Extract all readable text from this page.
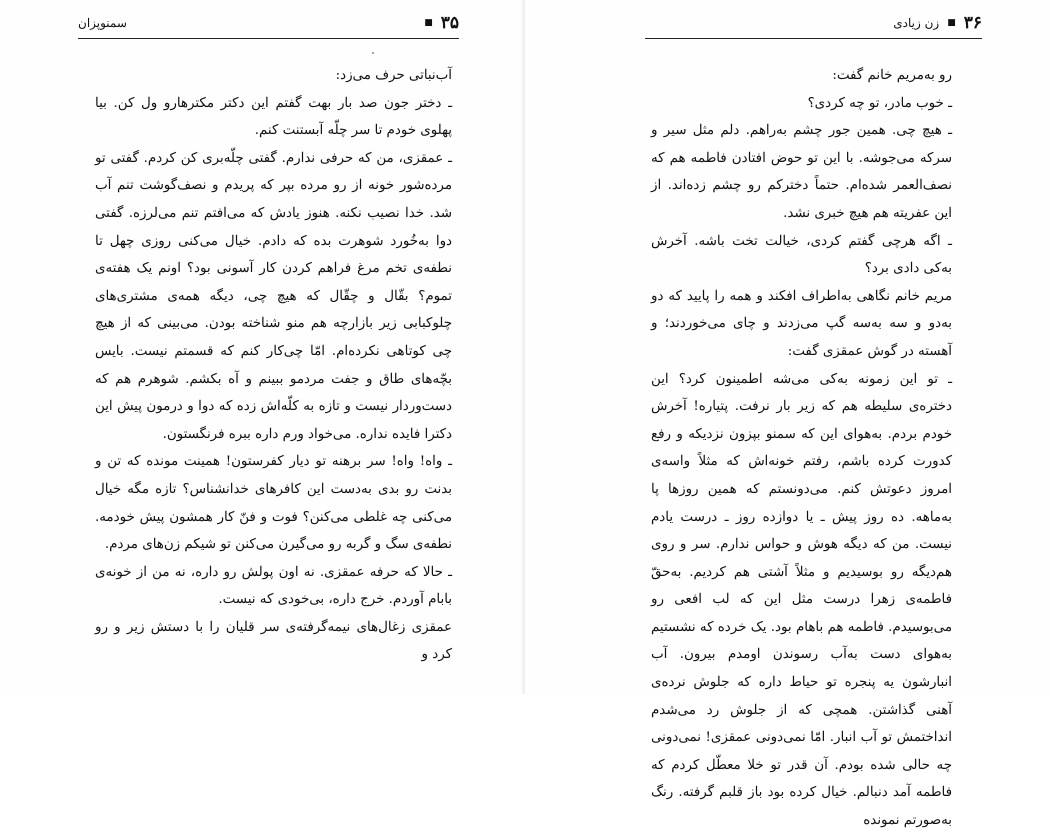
۳۵
■
سمنوپزان

آب‌نباتی حرف می‌زد:

ـ دختر جون صد بار بهت گفتم این دکتر مکترهارو ول کن. بیا پهلوی خودم تا سر چلّه آبستنت کنم.

ـ عمقزی، من که حرفی ندارم. گفتی چلّه‌بری کن کردم. گفتی تو مرده‌شور خونه از رو مرده بپر که پریدم و نصف‌گوشت تنم آب شد. خدا نصیب نکنه. هنوز یادش که می‌افتم تنم می‌لرزه. گفتی دوا به‌خُورد شوهرت بده که دادم. خیال می‌کنی روزی چهل تا نطفه‌ی تخم مرغ فراهم کردن کار آسونی بود؟ اونم یک هفته‌ی تموم؟ بقّال و چقّال که هیچ چی، دیگه همه‌ی مشتری‌های چلوکبابی زیر بازارچه هم منو شناخته بودن. می‌بینی که از هیچ چی کوتاهی نکرده‌ام. امّا چی‌کار کنم که قسمتم نیست. بایس بچّه‌های طاق و جفت مردمو ببینم و آه بکشم. شوهرم هم که دست‌وردار نیست و تازه به کلّه‌اش زده که دوا و درمون پیش این دکترا فایده نداره. می‌خواد ورم داره ببره فرنگستون.

ـ واه! واه! سر برهنه تو دیار کفرستون! همینت مونده که تن و بدنت رو بدی به‌دست این کافرهای خدانشناس؟ تازه مگه خیال می‌کنی چه غلطی می‌کنن؟ فوت و فنّ کار همشون پیش خودمه. نطفه‌ی سگ و گربه رو می‌گیرن می‌کنن تو شیکم زن‌های مردم.

ـ حالا که حرفه عمقزی. نه اون پولش رو داره، نه من از خونه‌ی بابام آوردم. خرج داره، بی‌خودی که نیست.

عمقزی زغال‌های نیمه‌گرفته‌ی سر قلیان را با دستش زیر و رو کرد و

۳۶
■
زن زیادی

رو به‌مریم خانم گفت:

ـ خوب مادر، تو چه کردی؟

ـ هیچ چی. همین جور چشم به‌راهم. دلم مثل سیر و سرکه می‌جوشه. با این تو حوض افتادن فاطمه هم که نصف‌العمر شده‌ام. حتماً دخترکم رو چشم زده‌اند. از این عفریته هم هیچ خبری نشد.

ـ اگه هرچی گفتم کردی، خیالت تخت باشه. آخرش به‌کی دادی برد؟

مریم خانم نگاهی به‌اطراف افکند و همه را پایید که دو به‌دو و سه به‌سه گپ می‌زدند و چای می‌خوردند؛ و آهسته در گوش عمقزی گفت:

ـ تو این زمونه به‌کی می‌شه اطمینون کرد؟ این دختره‌ی سلیطه هم که زیر بار نرفت. پتیاره! آخرش خودم بردم. به‌هوای این که سمنو بپزون نزدیکه و رفع کدورت کرده باشم، رفتم خونه‌اش که مثلاً واسه‌ی امروز دعوتش کنم. می‌دونستم که همین روزها پا به‌ماهه. ده روز پیش ـ یا دوازده روز ـ درست یادم نیست. من که دیگه هوش و حواس ندارم. سر و روی هم‌دیگه رو بوسیدیم و مثلاً آشتی هم کردیم. به‌حقّ فاطمه‌ی زهرا درست مثل این که لب افعی رو می‌بوسیدم. فاطمه هم باهام بود. یک خرده که نشستیم به‌هوای دست به‌آب رسوندن اومدم بیرون. آب انبارشون یه پنجره تو حیاط داره که جلوش نرده‌ی آهنی گذاشتن. همچی که از جلوش رد می‌شدم انداختمش تو آب انبار. امّا نمی‌دونی عمقزی! نمی‌دونی چه حالی شده بودم. آن قدر تو خلا معطّل کردم که فاطمه آمد دنبالم. خیال کرده بود باز قلبم گرفته. رنگ به‌صورتم نمونده
